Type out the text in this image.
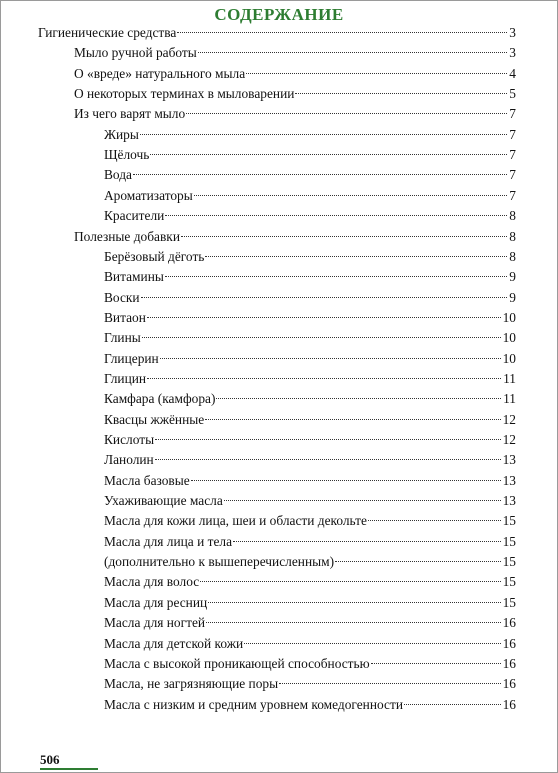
СОДЕРЖАНИЕ
Гигиенические средства	3
Мыло ручной работы	3
О «вреде» натурального мыла	4
О некоторых терминах в мыловарении	5
Из чего варят мыло	7
Жиры	7
Щёлочь	7
Вода	7
Ароматизаторы	7
Красители	8
Полезные добавки	8
Берёзовый дёготь	8
Витамины	9
Воски	9
Витаон	10
Глины	10
Глицерин	10
Глицин	11
Камфара (камфора)	11
Квасцы жжённые	12
Кислоты	12
Ланолин	13
Масла базовые	13
Ухаживающие масла	13
Масла для кожи лица, шеи и области декольте	15
Масла для лица и тела	15
(дополнительно к вышеперечисленным)	15
Масла для волос	15
Масла для ресниц	15
Масла для ногтей	16
Масла для детской кожи	16
Масла с высокой проникающей способностью	16
Масла, не загрязняющие поры	16
Масла с низким и средним уровнем комедогенности	16
506
